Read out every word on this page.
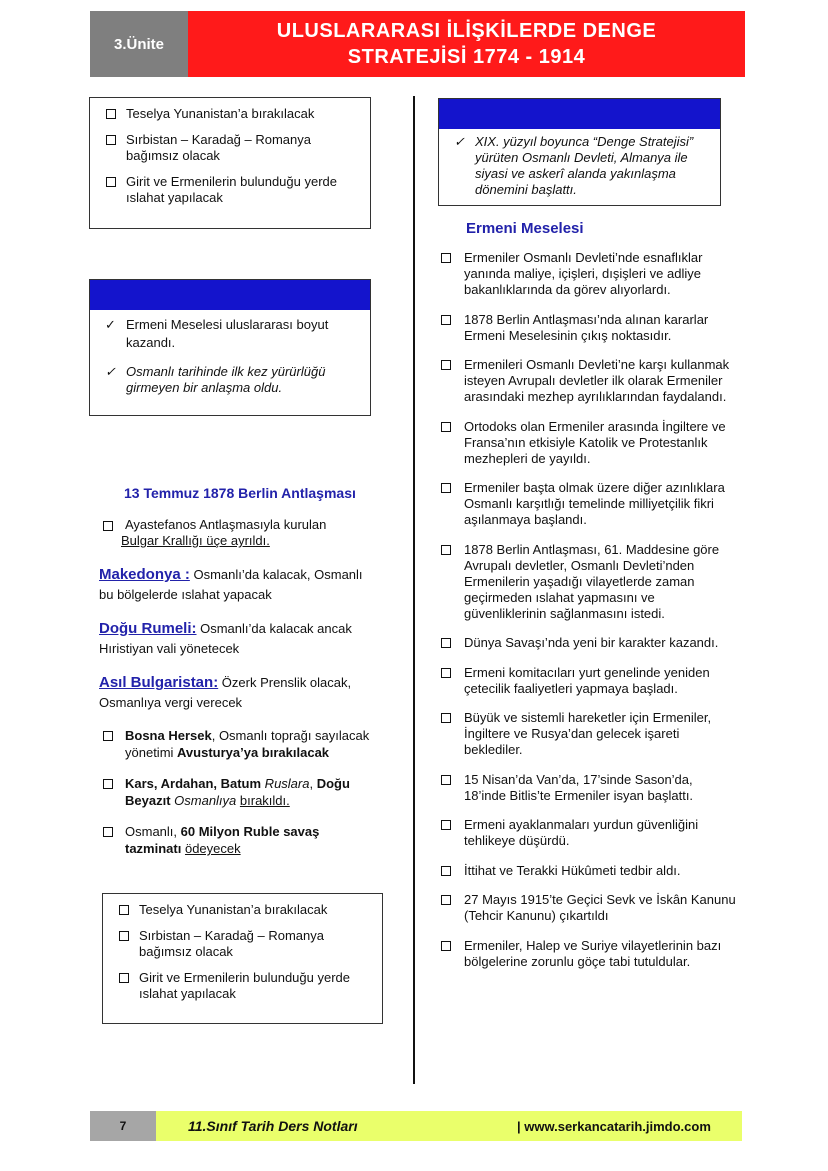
3.Ünite
ULUSLARARASI İLİŞKİLERDE DENGE
STRATEJİSİ 1774 - 1914
Teselya Yunanistan’a bırakılacak
Sırbistan – Karadağ – Romanya bağımsız olacak
Girit ve Ermenilerin bulunduğu yerde ıslahat yapılacak
✓ Ermeni Meselesi uluslararası boyut kazandı.
✓ Osmanlı tarihinde ilk kez yürürlüğü girmeyen bir anlaşma oldu.
13 Temmuz 1878 Berlin Antlaşması
Ayastefanos Antlaşmasıyla kurulan
Bulgar Krallığı üçe ayrıldı.
Makedonya : Osmanlı’da kalacak, Osmanlı
bu bölgelerde ıslahat yapacak
Doğu Rumeli: Osmanlı’da kalacak ancak
Hıristiyan vali yönetecek
Asıl Bulgaristan: Özerk Prenslik olacak,
Osmanlıya vergi verecek
Bosna Hersek, Osmanlı toprağı sayılacak
yönetimi Avusturya’ya bırakılacak
Kars, Ardahan, Batum Ruslara, Doğu
Beyazıt Osmanlıya bırakıldı.
Osmanlı, 60 Milyon Ruble savaş
tazminatı ödeyecek
Teselya Yunanistan’a bırakılacak
Sırbistan – Karadağ – Romanya bağımsız olacak
Girit ve Ermenilerin bulunduğu yerde ıslahat yapılacak
✓ XIX. yüzyıl boyunca “Denge Stratejisi” yürüten Osmanlı Devleti, Almanya ile siyasi ve askerî alanda yakınlaşma dönemini başlattı.
Ermeni Meselesi
Ermeniler Osmanlı Devleti’nde esnaflıklar yanında maliye, içişleri, dışişleri ve adliye bakanlıklarında da görev alıyorlardı.
1878 Berlin Antlaşması’nda alınan kararlar Ermeni Meselesinin çıkış noktasıdır.
Ermenileri Osmanlı Devleti’ne karşı kullanmak isteyen Avrupalı devletler ilk olarak Ermeniler arasındaki mezhep ayrılıklarından faydalandı.
Ortodoks olan Ermeniler arasında İngiltere ve Fransa’nın etkisiyle Katolik ve Protestanlık mezhepleri de yayıldı.
Ermeniler başta olmak üzere diğer azınlıklara Osmanlı karşıtlığı temelinde milliyetçilik fikri aşılanmaya başlandı.
1878 Berlin Antlaşması, 61. Maddesine göre Avrupalı devletler, Osmanlı Devleti’nden Ermenilerin yaşadığı vilayetlerde zaman geçirmeden ıslahat yapmasını ve güvenliklerinin sağlanmasını istedi.
Dünya Savaşı’nda yeni bir karakter kazandı.
Ermeni komitacıları yurt genelinde yeniden çetecilik faaliyetleri yapmaya başladı.
Büyük ve sistemli hareketler için Ermeniler, İngiltere ve Rusya’dan gelecek işareti beklediler.
15 Nisan’da Van’da, 17’sinde Sason’da, 18’inde Bitlis’te Ermeniler isyan başlattı.
Ermeni ayaklanmaları yurdun güvenliğini tehlikeye düşürdü.
İttihat ve Terakki Hükûmeti tedbir aldı.
27 Mayıs 1915’te Geçici Sevk ve İskân Kanunu (Tehcir Kanunu) çıkartıldı
Ermeniler, Halep ve Suriye vilayetlerinin bazı bölgelerine zorunlu göçe tabi tutuldular.
7	11.Sınıf Tarih Ders Notları	| www.serkancatarih.jimdo.com
